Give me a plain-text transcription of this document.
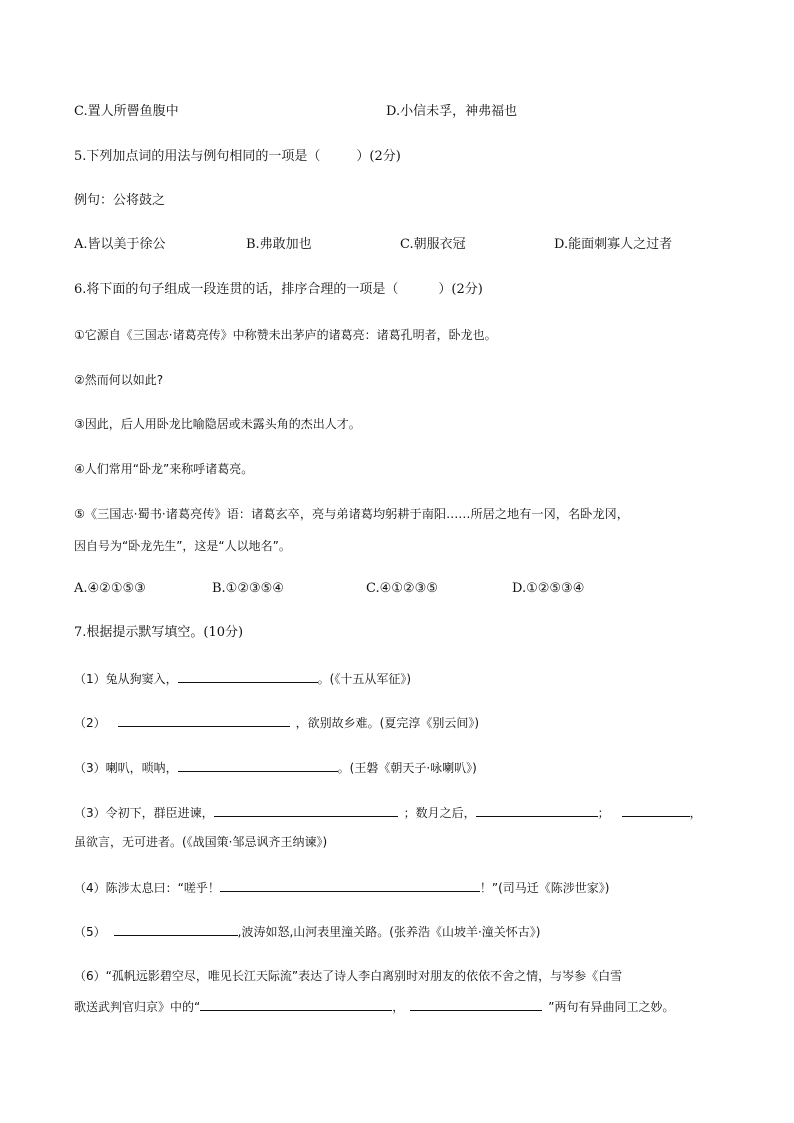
C.置人所罾鱼腹中	D.小信未孚，神弗福也
5.下列加点词的用法与例句相同的一项是（	）(2分)
例句：公将鼓之
A.皆以美于徐公	B.弗敢加也	C.朝服衣冠	D.能面刺寡人之过者
6.将下面的句子组成一段连贯的话，排序合理的一项是（	）(2分)
①它源自《三国志·诸葛亮传》中称赞未出茅庐的诸葛亮：诸葛孔明者，卧龙也。
②然而何以如此?
③因此，后人用卧龙比喻隐居或未露头角的杰出人才。
④人们常用“卧龙”来称呼诸葛亮。
⑤《三国志·蜀书·诸葛亮传》语：诸葛玄卒，亮与弟诸葛均躬耕于南阳……所居之地有一冈，名卧龙冈，
因自号为“卧龙先生”，这是“人以地名”。
A.④②①⑤③	B.①②③⑤④	C.④①②③⑤	D.①②⑤③④
7.根据提示默写填空。(10分)
（1）兔从狗窦入，	。(《十五从军征》)
（2）	，欲别故乡难。(夏完淳《别云间》)
（3）喇叭，唢呐，	。(王磐《朝天子·咏喇叭》)
（3）令初下，群臣进谏，	；数月之后，	；	，
虽欲言，无可进者。(《战国策·邹忌讽齐王纳谏》)
（4）陈涉太息曰：“嗟乎！	！”(司马迁《陈涉世家》)
（5）	,波涛如怒,山河表里潼关路。(张养浩《山坡羊·潼关怀古》)
（6）“孤帆远影碧空尽，唯见长江天际流”表达了诗人李白离别时对朋友的依依不舍之情，与岑参《白雪
歌送武判官归京》中的“	，	”两句有异曲同工之妙。
